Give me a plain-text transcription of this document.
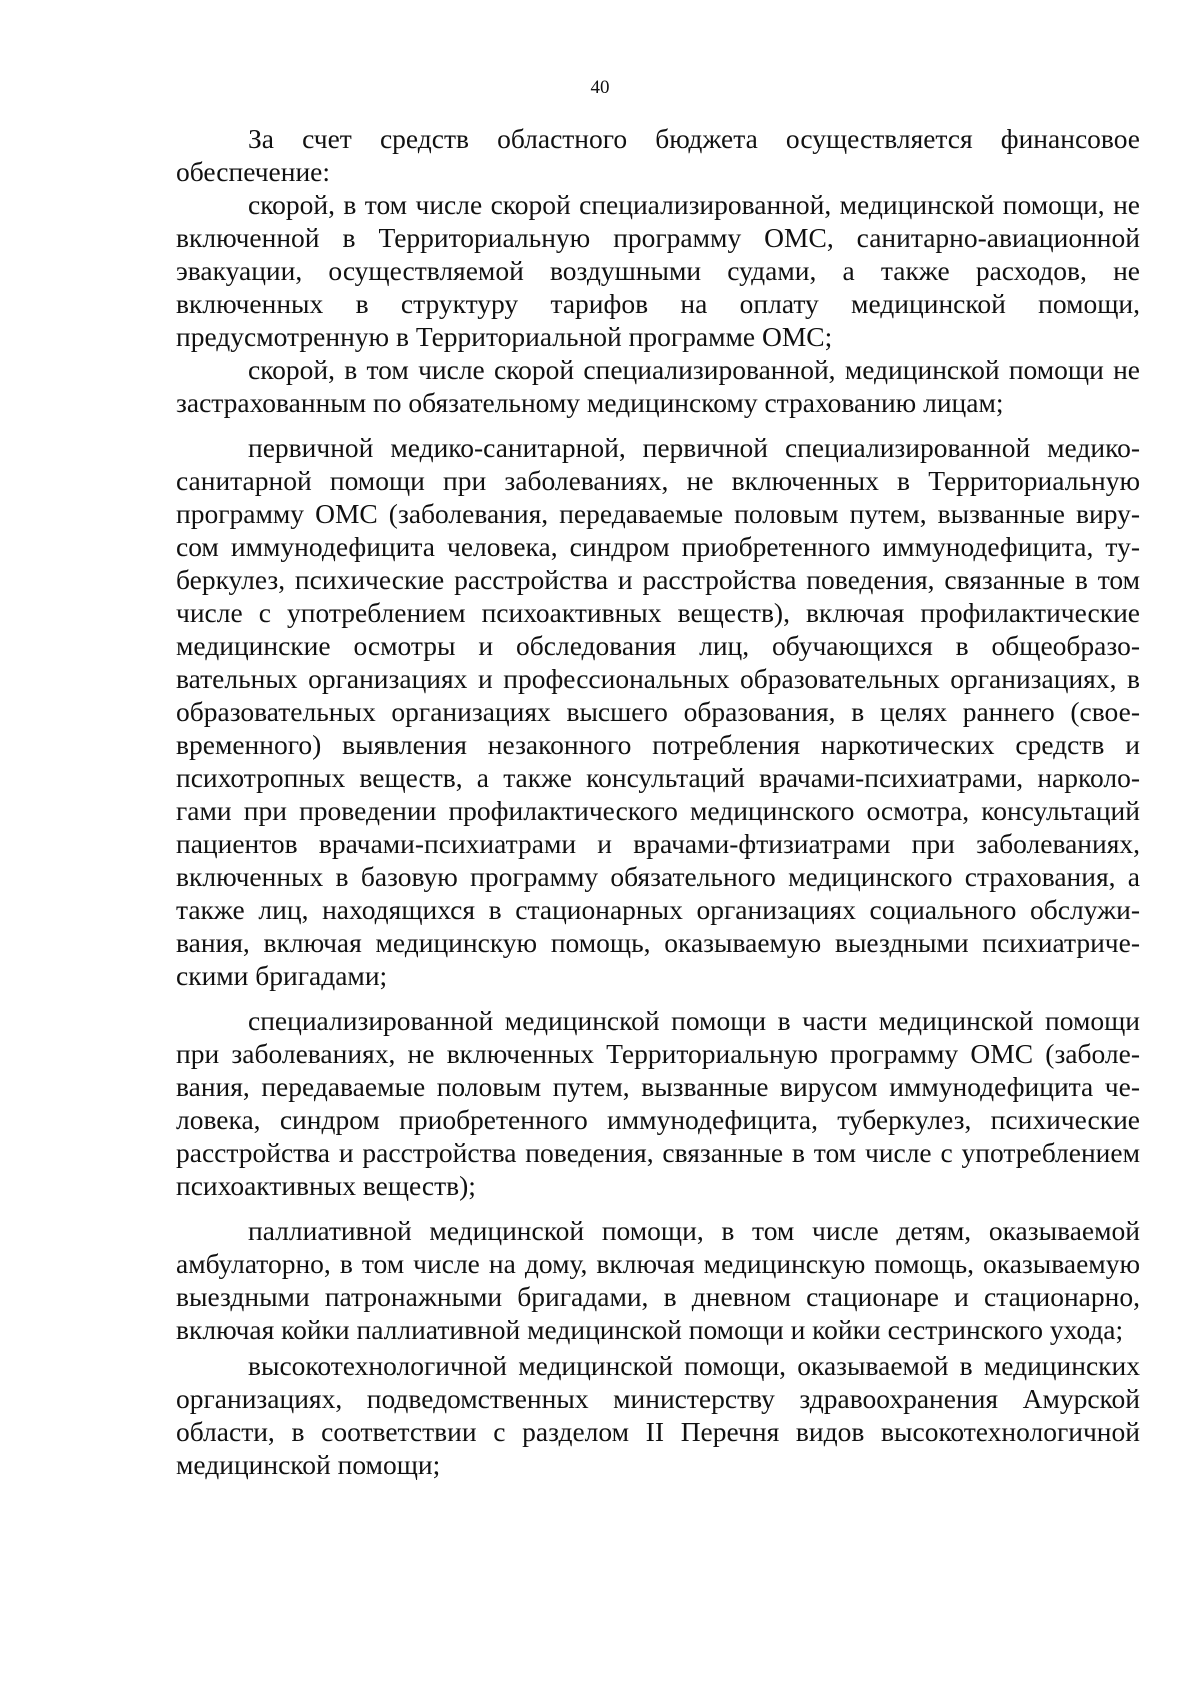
40

За счет средств областного бюджета осуществляется финансовое обеспечение:

скорой, в том числе скорой специализированной, медицинской помощи, не включенной в Территориальную программу ОМС, санитарно-авиационной эвакуации, осуществляемой воздушными судами, а также расходов, не включенных в структуру тарифов на оплату медицинской помощи, предусмотренную в Территориальной программе ОМС;

скорой, в том числе скорой специализированной, медицинской помощи не застрахованным по обязательному медицинскому страхованию лицам;

первичной медико-санитарной, первичной специализированной медико-санитарной помощи при заболеваниях, не включенных в Территориальную программу ОМС (заболевания, передаваемые половым путем, вызванные вирусом иммунодефицита человека, синдром приобретенного иммунодефицита, туберкулез, психические расстройства и расстройства поведения, связанные в том числе с употреблением психоактивных веществ), включая профилактические медицинские осмотры и обследования лиц, обучающихся в общеобразовательных организациях и профессиональных образовательных организациях, в образовательных организациях высшего образования, в целях раннего (своевременного) выявления незаконного потребления наркотических средств и психотропных веществ, а также консультаций врачами-психиатрами, наркологами при проведении профилактического медицинского осмотра, консультаций пациентов врачами-психиатрами и врачами-фтизиатрами при заболеваниях, включенных в базовую программу обязательного медицинского страхования, а также лиц, находящихся в стационарных организациях социального обслуживания, включая медицинскую помощь, оказываемую выездными психиатрическими бригадами;

специализированной медицинской помощи в части медицинской помощи при заболеваниях, не включенных Территориальную программу ОМС (заболевания, передаваемые половым путем, вызванные вирусом иммунодефицита человека, синдром приобретенного иммунодефицита, туберкулез, психические расстройства и расстройства поведения, связанные в том числе с употреблением психоактивных веществ);

паллиативной медицинской помощи, в том числе детям, оказываемой амбулаторно, в том числе на дому, включая медицинскую помощь, оказываемую выездными патронажными бригадами, в дневном стационаре и стационарно, включая койки паллиативной медицинской помощи и койки сестринского ухода;

высокотехнологичной медицинской помощи, оказываемой в медицинских организациях, подведомственных министерству здравоохранения Амурской области, в соответствии с разделом II Перечня видов высокотехнологичной медицинской помощи;
